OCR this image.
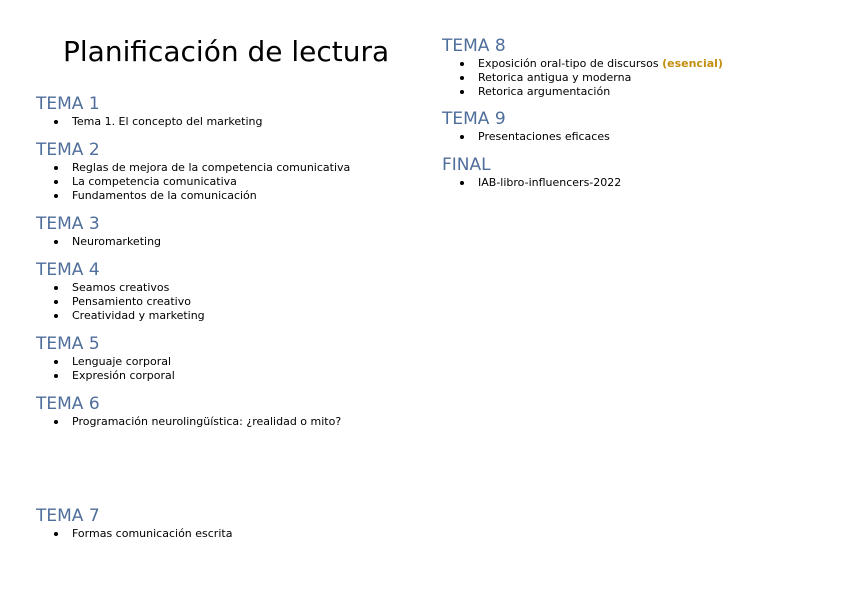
Planificación de lectura
TEMA 1
Tema 1. El concepto del marketing
TEMA 2
Reglas de mejora de la competencia comunicativa
La competencia comunicativa
Fundamentos de la comunicación
TEMA 3
Neuromarketing
TEMA 4
Seamos creativos
Pensamiento creativo
Creatividad y marketing
TEMA 5
Lenguaje corporal
Expresión corporal
TEMA 6
Programación neurolingüística: ¿realidad o mito?
TEMA 7
Formas comunicación escrita
TEMA 8
Exposición oral-tipo de discursos (esencial)
Retorica antigua y moderna
Retorica argumentación
TEMA 9
Presentaciones eficaces
FINAL
IAB-libro-influencers-2022
